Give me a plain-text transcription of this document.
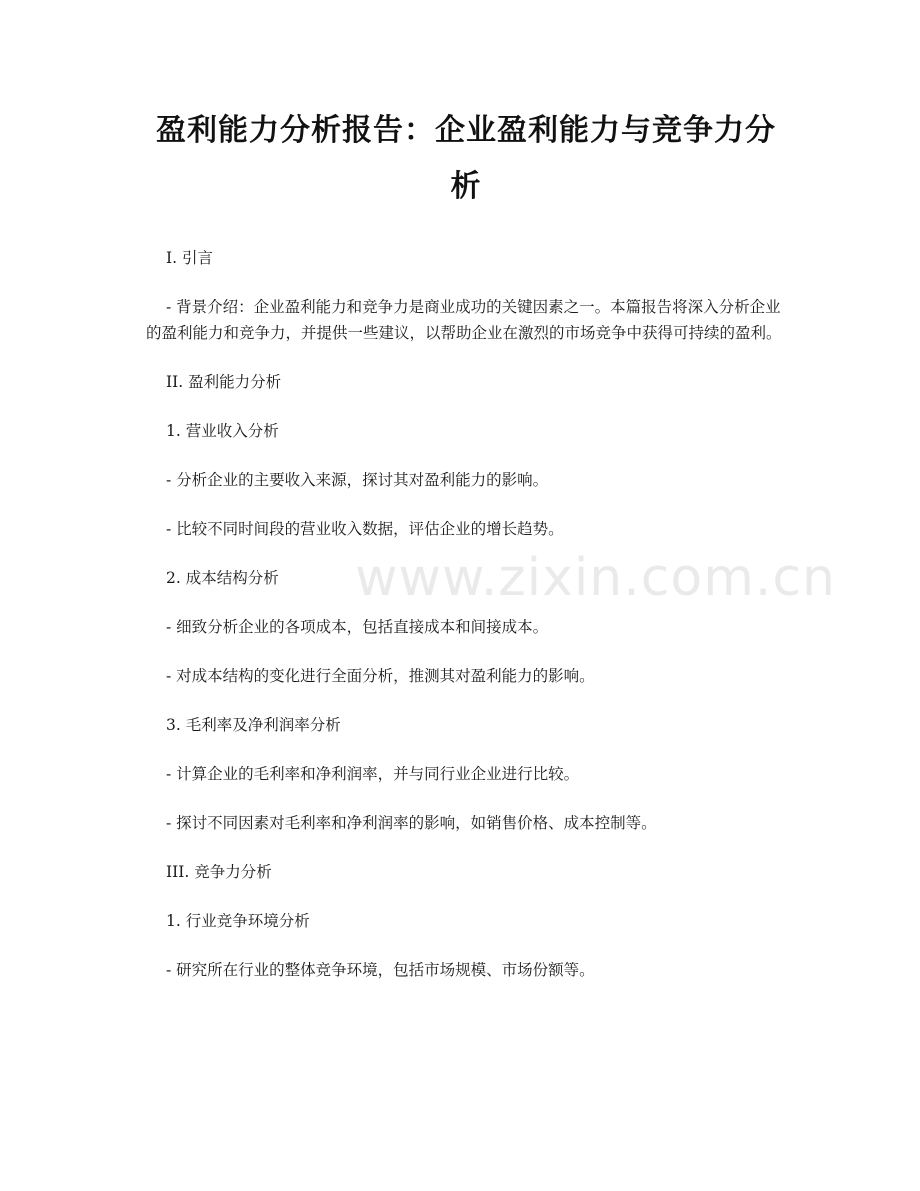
盈利能力分析报告：企业盈利能力与竞争力分析

I. 引言

- 背景介绍：企业盈利能力和竞争力是商业成功的关键因素之一。本篇报告将深入分析企业的盈利能力和竞争力，并提供一些建议，以帮助企业在激烈的市场竞争中获得可持续的盈利。

II. 盈利能力分析

1. 营业收入分析

- 分析企业的主要收入来源，探讨其对盈利能力的影响。

- 比较不同时间段的营业收入数据，评估企业的增长趋势。

2. 成本结构分析

- 细致分析企业的各项成本，包括直接成本和间接成本。

- 对成本结构的变化进行全面分析，推测其对盈利能力的影响。

3. 毛利率及净利润率分析

- 计算企业的毛利率和净利润率，并与同行业企业进行比较。

- 探讨不同因素对毛利率和净利润率的影响，如销售价格、成本控制等。

III. 竞争力分析

1. 行业竞争环境分析

- 研究所在行业的整体竞争环境，包括市场规模、市场份额等。

www.zixin.com.cn
